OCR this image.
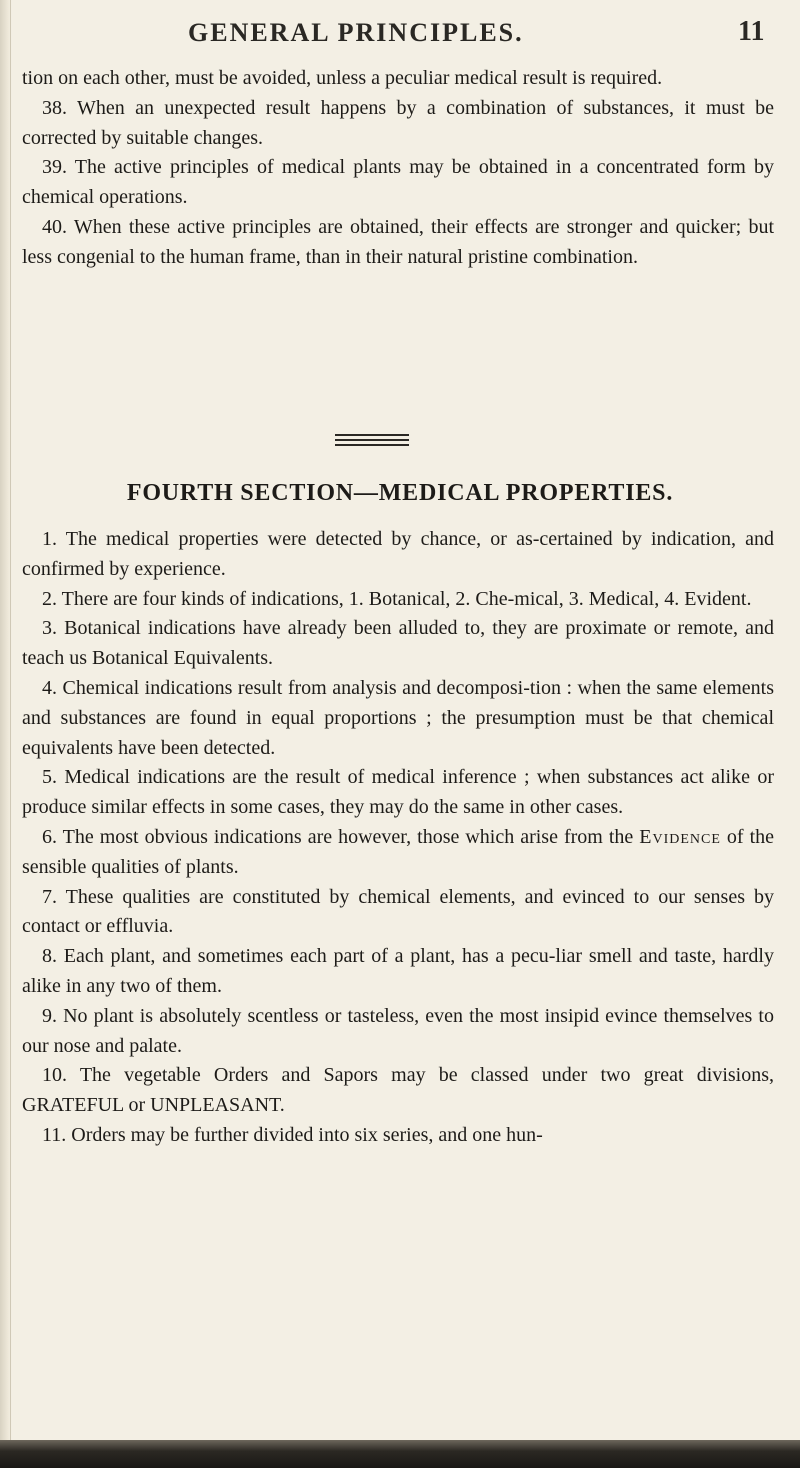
GENERAL PRINCIPLES.	11

tion on each other, must be avoided, unless a peculiar medical result is required.

38. When an unexpected result happens by a combination of substances, it must be corrected by suitable changes.

39. The active principles of medical plants may be obtained in a concentrated form by chemical operations.

40. When these active principles are obtained, their effects are stronger and quicker; but less congenial to the human frame, than in their natural pristine combination.

FOURTH SECTION—MEDICAL PROPERTIES.

1. The medical properties were detected by chance, or as-certained by indication, and confirmed by experience.

2. There are four kinds of indications, 1. Botanical, 2. Che-mical, 3. Medical, 4. Evident.

3. Botanical indications have already been alluded to, they are proximate or remote, and teach us Botanical Equivalents.

4. Chemical indications result from analysis and decomposi-tion : when the same elements and substances are found in equal proportions ; the presumption must be that chemical equivalents have been detected.

5. Medical indications are the result of medical inference ; when substances act alike or produce similar effects in some cases, they may do the same in other cases.

6. The most obvious indications are however, those which arise from the Evidence of the sensible qualities of plants.

7. These qualities are constituted by chemical elements, and evinced to our senses by contact or effluvia.

8. Each plant, and sometimes each part of a plant, has a pecu-liar smell and taste, hardly alike in any two of them.

9. No plant is absolutely scentless or tasteless, even the most insipid evince themselves to our nose and palate.

10. The vegetable Orders and Sapors may be classed under two great divisions, GRATEFUL or UNPLEASANT.

11. Orders may be further divided into six series, and one hun-
